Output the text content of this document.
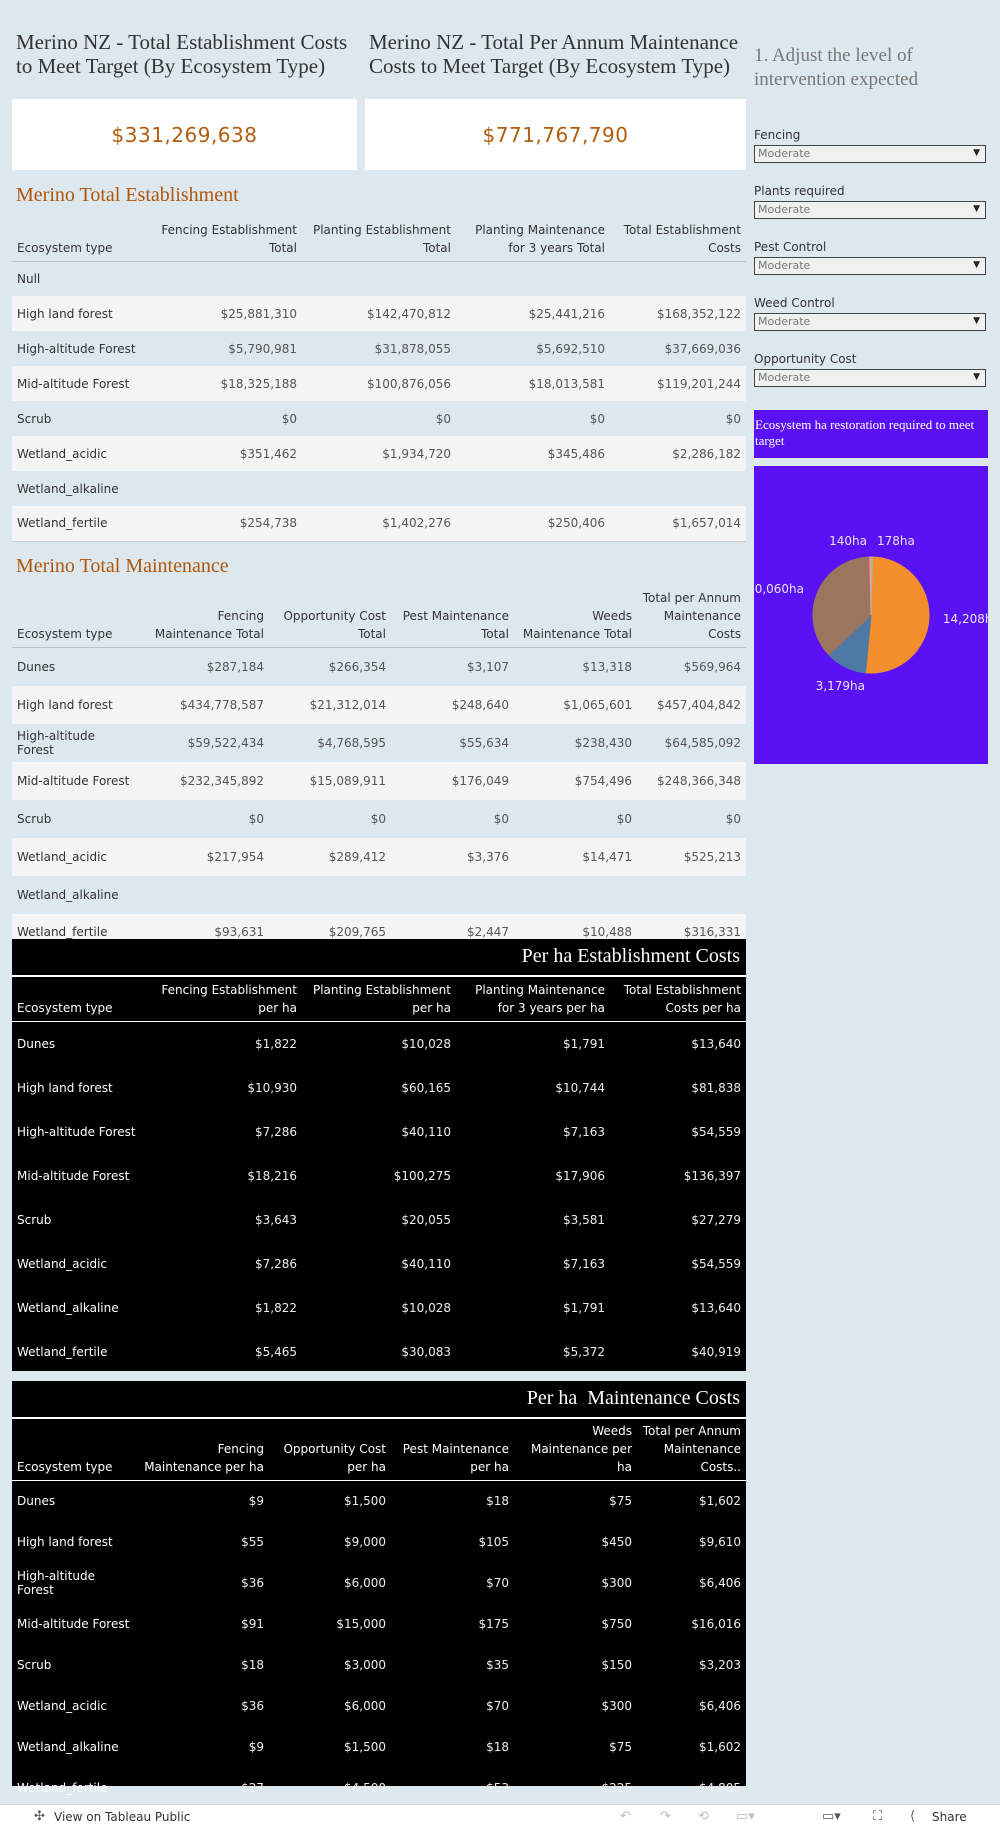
Merino NZ - Total Establishment Costs to Meet Target (By Ecosystem Type)
Merino NZ - Total Per Annum Maintenance Costs to Meet Target (By Ecosystem Type)
$331,269,638	$771,767,790
Merino Total Establishment
Ecosystem type	Fencing Establishment Total	Planting Establishment Total	Planting Maintenance for 3 years Total	Total Establishment Costs
Null				
High land forest	$25,881,310	$142,470,812	$25,441,216	$168,352,122
High-altitude Forest	$5,790,981	$31,878,055	$5,692,510	$37,669,036
Mid-altitude Forest	$18,325,188	$100,876,056	$18,013,581	$119,201,244
Scrub	$0	$0	$0	$0
Wetland_acidic	$351,462	$1,934,720	$345,486	$2,286,182
Wetland_alkaline				
Wetland_fertile	$254,738	$1,402,276	$250,406	$1,657,014
Merino Total Maintenance
Ecosystem type	Fencing Maintenance Total	Opportunity Cost Total	Pest Maintenance Total	Weeds Maintenance Total	Total per Annum Maintenance Costs
Dunes	$287,184	$266,354	$3,107	$13,318	$569,964
High land forest	$434,778,587	$21,312,014	$248,640	$1,065,601	$457,404,842
High-altitude Forest	$59,522,434	$4,768,595	$55,634	$238,430	$64,585,092
Mid-altitude Forest	$232,345,892	$15,089,911	$176,049	$754,496	$248,366,348
Scrub	$0	$0	$0	$0	$0
Wetland_acidic	$217,954	$289,412	$3,376	$14,471	$525,213
Wetland_alkaline					
Wetland_fertile	$93,631	$209,765	$2,447	$10,488	$316,331
Per ha Establishment Costs
Ecosystem type	Fencing Establishment per ha	Planting Establishment per ha	Planting Maintenance for 3 years per ha	Total Establishment Costs per ha
Dunes	$1,822	$10,028	$1,791	$13,640
High land forest	$10,930	$60,165	$10,744	$81,838
High-altitude Forest	$7,286	$40,110	$7,163	$54,559
Mid-altitude Forest	$18,216	$100,275	$17,906	$136,397
Scrub	$3,643	$20,055	$3,581	$27,279
Wetland_acidic	$7,286	$40,110	$7,163	$54,559
Wetland_alkaline	$1,822	$10,028	$1,791	$13,640
Wetland_fertile	$5,465	$30,083	$5,372	$40,919
Per ha  Maintenance Costs
Ecosystem type	Fencing Maintenance per ha	Opportunity Cost per ha	Pest Maintenance per ha	Weeds Maintenance per ha	Total per Annum Maintenance Costs..
Dunes	$9	$1,500	$18	$75	$1,602
High land forest	$55	$9,000	$105	$450	$9,610
High-altitude Forest	$36	$6,000	$70	$300	$6,406
Mid-altitude Forest	$91	$15,000	$175	$750	$16,016
Scrub	$18	$3,000	$35	$150	$3,203
Wetland_acidic	$36	$6,000	$70	$300	$6,406
Wetland_alkaline	$9	$1,500	$18	$75	$1,602
Wetland_fertile	$27	$4,500	$53	$225	$4,805
1. Adjust the level of intervention expected
Fencing
Moderate	▼
Plants required
Moderate	▼
Pest Control
Moderate	▼
Weed Control
Moderate	▼
Opportunity Cost
Moderate	▼
Ecosystem ha restoration required to meet target
14,208ha
3,179ha
10,060ha
140ha 178ha
✣ View on Tableau Public	↶ ↷ ⟲ ▭▾	▭▾ ⛶ ⟨ Share
